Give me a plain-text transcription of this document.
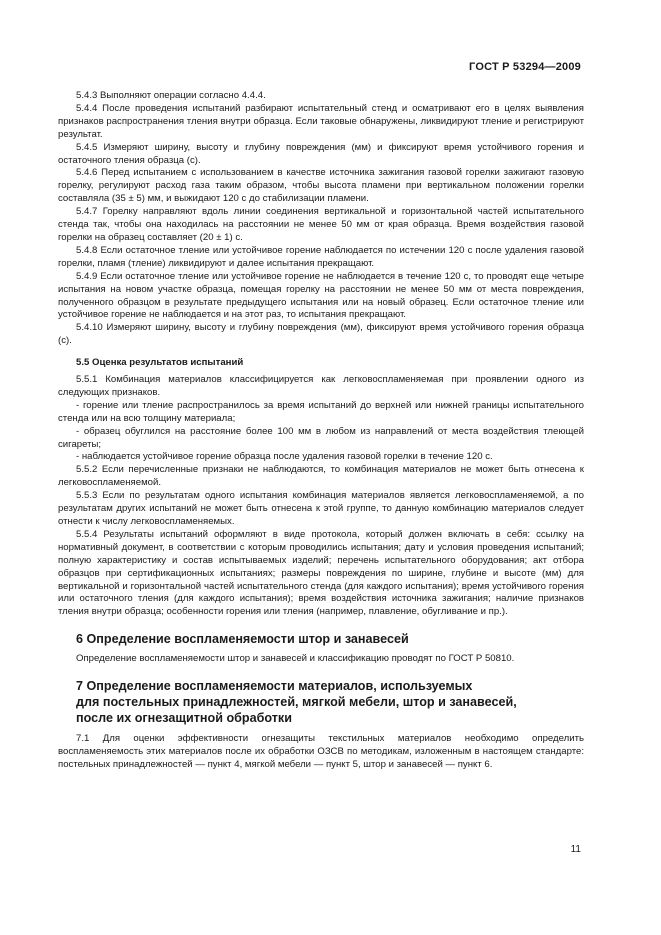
ГОСТ Р 53294—2009

5.4.3 Выполняют операции согласно 4.4.4.

5.4.4 После проведения испытаний разбирают испытательный стенд и осматривают его в целях выявления признаков распространения тления внутри образца. Если таковые обнаружены, ликвидируют тление и регистрируют результат.

5.4.5 Измеряют ширину, высоту и глубину повреждения (мм) и фиксируют время устойчивого горения и остаточного тления образца (с).

5.4.6 Перед испытанием с использованием в качестве источника зажигания газовой горелки зажигают газовую горелку, регулируют расход газа таким образом, чтобы высота пламени при вертикальном положении горелки составляла (35 ± 5) мм, и выжидают 120 с до стабилизации пламени.

5.4.7 Горелку направляют вдоль линии соединения вертикальной и горизонтальной частей испытательного стенда так, чтобы она находилась на расстоянии не менее 50 мм от края образца. Время воздействия газовой горелки на образец составляет (20 ± 1) с.

5.4.8 Если остаточное тление или устойчивое горение наблюдается по истечении 120 с после удаления газовой горелки, пламя (тление) ликвидируют и далее испытания прекращают.

5.4.9 Если остаточное тление или устойчивое горение не наблюдается в течение 120 с, то проводят еще четыре испытания на новом участке образца, помещая горелку на расстоянии не менее 50 мм от места повреждения, полученного образцом в результате предыдущего испытания или на новый образец. Если остаточное тление или устойчивое горение не наблюдается и на этот раз, то испытания прекращают.

5.4.10 Измеряют ширину, высоту и глубину повреждения (мм), фиксируют время устойчивого горения образца (с).

5.5 Оценка результатов испытаний

5.5.1 Комбинация материалов классифицируется как легковоспламеняемая при проявлении одного из следующих признаков.

- горение или тление распространилось за время испытаний до верхней или нижней границы испытательного стенда или на всю толщину материала;

- образец обуглился на расстояние более 100 мм в любом из направлений от места воздействия тлеющей сигареты;

- наблюдается устойчивое горение образца после удаления газовой горелки в течение 120 с.

5.5.2 Если перечисленные признаки не наблюдаются, то комбинация материалов не может быть отнесена к легковоспламеняемой.

5.5.3 Если по результатам одного испытания комбинация материалов является легковоспламеняемой, а по результатам других испытаний не может быть отнесена к этой группе, то данную комбинацию материалов следует отнести к числу легковоспламеняемых.

5.5.4 Результаты испытаний оформляют в виде протокола, который должен включать в себя: ссылку на нормативный документ, в соответствии с которым проводились испытания; дату и условия проведения испытаний; полную характеристику и состав испытываемых изделий; перечень испытательного оборудования; акт отбора образцов при сертификационных испытаниях; размеры повреждения по ширине, глубине и высоте (мм) для вертикальной и горизонтальной частей испытательного стенда (для каждого испытания); время устойчивого горения или остаточного тления (для каждого испытания); время воздействия источника зажигания; наличие признаков тления внутри образца; особенности горения или тления (например, плавление, обугливание и пр.).

6 Определение воспламеняемости штор и занавесей

Определение воспламеняемости штор и занавесей и классификацию проводят по ГОСТ Р 50810.

7 Определение воспламеняемости материалов, используемых

для постельных принадлежностей, мягкой мебели, штор и занавесей,

после их огнезащитной обработки

7.1 Для оценки эффективности огнезащиты текстильных материалов необходимо определить воспламеняемость этих материалов после их обработки ОЗСВ по методикам, изложенным в настоящем стандарте: постельных принадлежностей — пункт 4, мягкой мебели — пункт 5, штор и занавесей — пункт 6.

11
